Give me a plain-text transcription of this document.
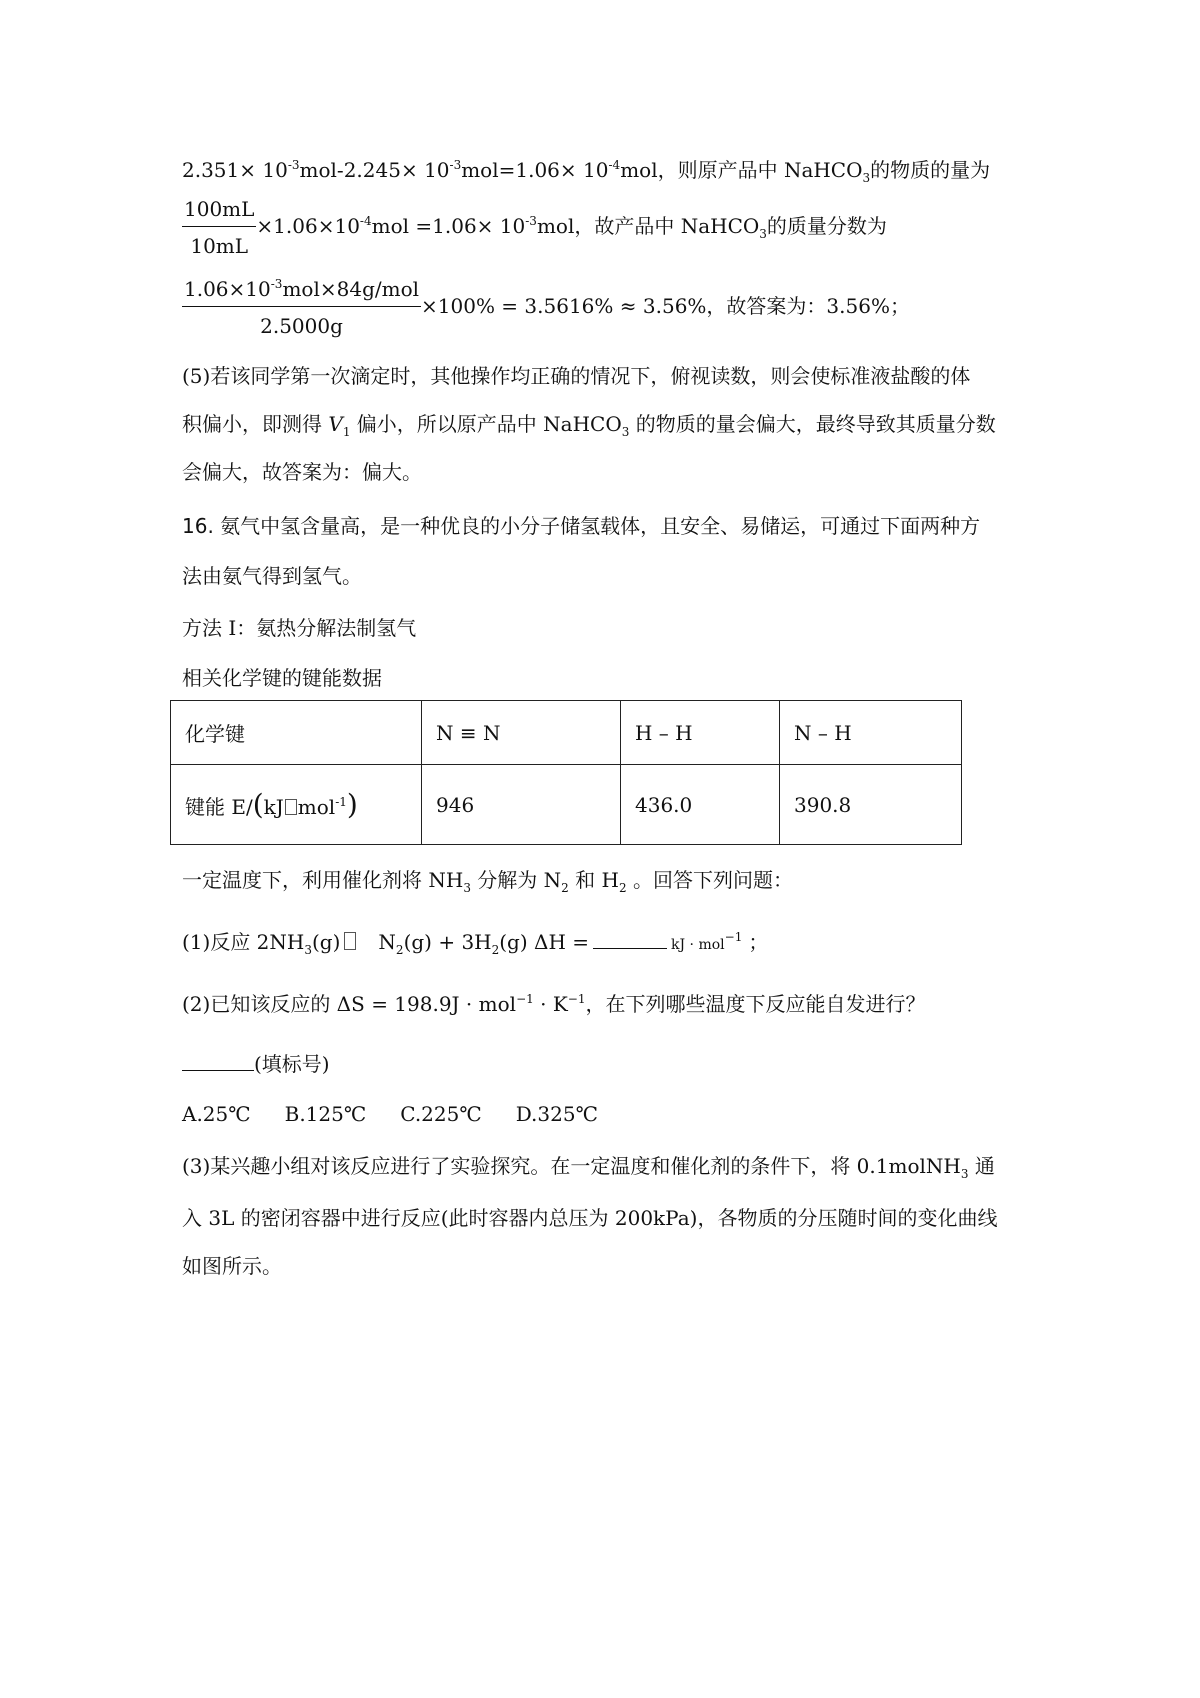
$2.351\times 10^{-3}mol-2.245\times 10^{-3}mol=1.06\times 10^{-4}mol$，则原产品中 NaHCO$_3$的物质的量为
$\frac{100mL}{10mL} \times 1.06\times 10^{-4}mol =1.06\times 10^{-3}mol$，故产品中 NaHCO$_3$的质量分数为
$\frac{1.06\times 10^{-3}mol\times 84g/mol}{2.5000g} \times 100\% = 3.5616\% \approx 3.56\%$，故答案为：3.56%；
(5)若该同学第一次滴定时，其他操作均正确的情况下，俯视读数，则会使标准液盐酸的体
积偏小，即测得 $V_1$ 偏小，所以原产品中 NaHCO$_3$ 的物质的量会偏大，最终导致其质量分数
会偏大，故答案为：偏大。
16. 氨气中氢含量高，是一种优良的小分子储氢载体，且安全、易储运，可通过下面两种方
法由氨气得到氢气。
方法 I：氨热分解法制氢气
相关化学键的键能数据
化学键	N ≡ N	H – H	N – H
键能 E/(kJ mol$^{-1}$)	946	436.0	390.8
一定温度下，利用催化剂将 $NH_3$ 分解为 $N_2$ 和 $H_2$ 。回答下列问题：
(1)反应 $2NH_3(g) N_2(g) + 3H_2(g) \Delta H$ =	kJ · mol$^{-1}$ ；
(2)已知该反应的 $\Delta S = 198.9J \cdot mol^{-1} \cdot K^{-1}$，在下列哪些温度下反应能自发进行？
(填标号)
A.25℃ B.125℃ C.225℃ D.325℃
(3)某兴趣小组对该反应进行了实验探究。在一定温度和催化剂的条件下，将 0.1molNH$_3$ 通
入 3L 的密闭容器中进行反应(此时容器内总压为 200kPa)，各物质的分压随时间的变化曲线
如图所示。
